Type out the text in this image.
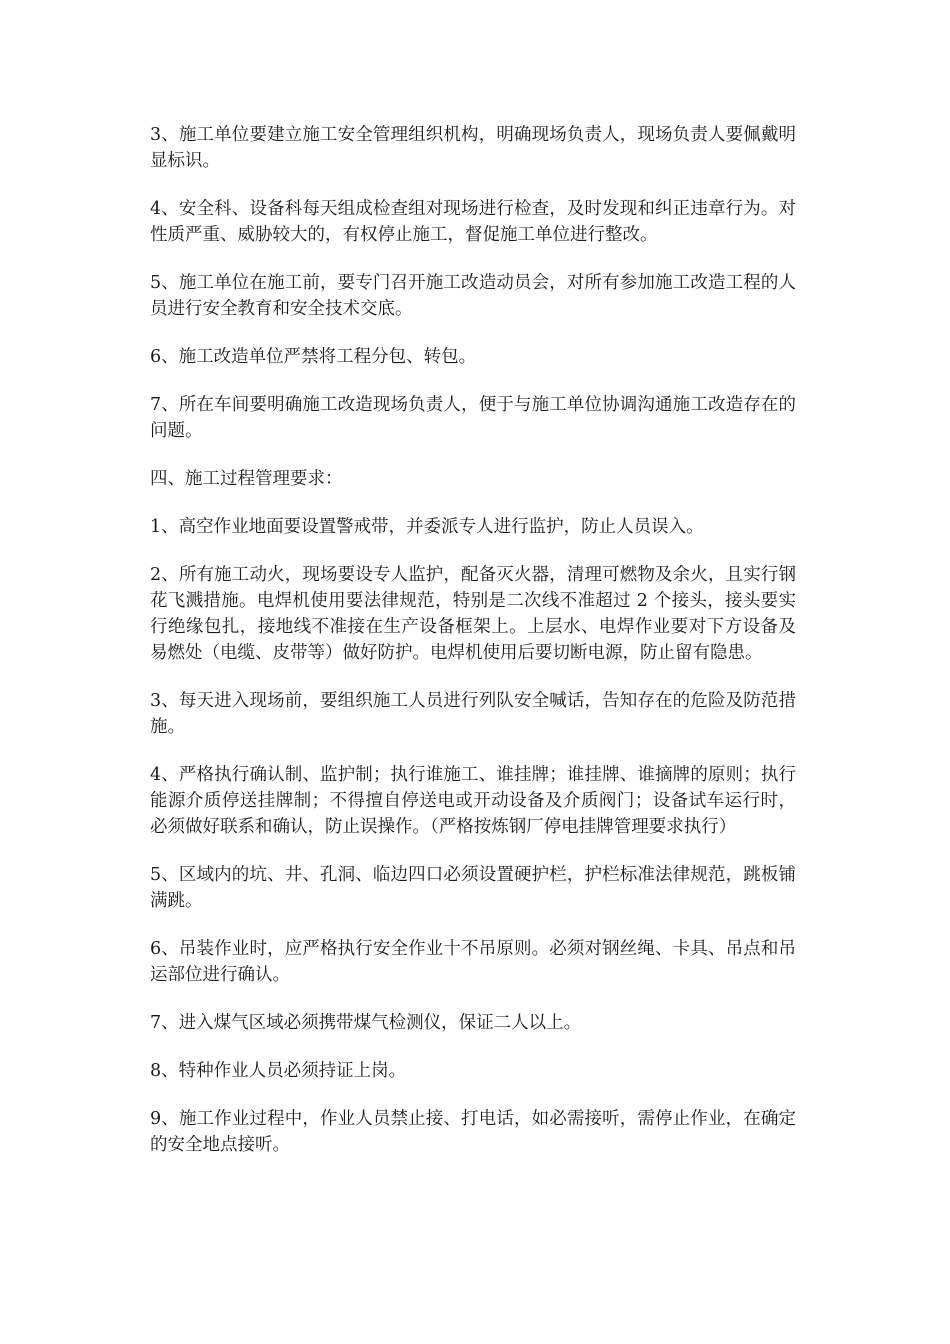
3、施工单位要建立施工安全管理组织机构，明确现场负责人，现场负责人要佩戴明显标识。

4、安全科、设备科每天组成检查组对现场进行检查，及时发现和纠正违章行为。对性质严重、威胁较大的，有权停止施工，督促施工单位进行整改。

5、施工单位在施工前，要专门召开施工改造动员会，对所有参加施工改造工程的人员进行安全教育和安全技术交底。

6、施工改造单位严禁将工程分包、转包。

7、所在车间要明确施工改造现场负责人，便于与施工单位协调沟通施工改造存在的问题。

四、施工过程管理要求：

1、高空作业地面要设置警戒带，并委派专人进行监护，防止人员误入。

2、所有施工动火，现场要设专人监护，配备灭火器，清理可燃物及余火，且实行钢花飞溅措施。电焊机使用要法律规范，特别是二次线不准超过 2 个接头，接头要实行绝缘包扎，接地线不准接在生产设备框架上。上层水、电焊作业要对下方设备及易燃处（电缆、皮带等）做好防护。电焊机使用后要切断电源，防止留有隐患。

3、每天进入现场前，要组织施工人员进行列队安全喊话，告知存在的危险及防范措施。

4、严格执行确认制、监护制；执行谁施工、谁挂牌；谁挂牌、谁摘牌的原则；执行能源介质停送挂牌制；不得擅自停送电或开动设备及介质阀门；设备试车运行时，必须做好联系和确认，防止误操作。（严格按炼钢厂停电挂牌管理要求执行）

5、区域内的坑、井、孔洞、临边四口必须设置硬护栏，护栏标准法律规范，跳板铺满跳。

6、吊装作业时，应严格执行安全作业十不吊原则。必须对钢丝绳、卡具、吊点和吊运部位进行确认。

7、进入煤气区域必须携带煤气检测仪，保证二人以上。

8、特种作业人员必须持证上岗。

9、施工作业过程中，作业人员禁止接、打电话，如必需接听，需停止作业，在确定的安全地点接听。
